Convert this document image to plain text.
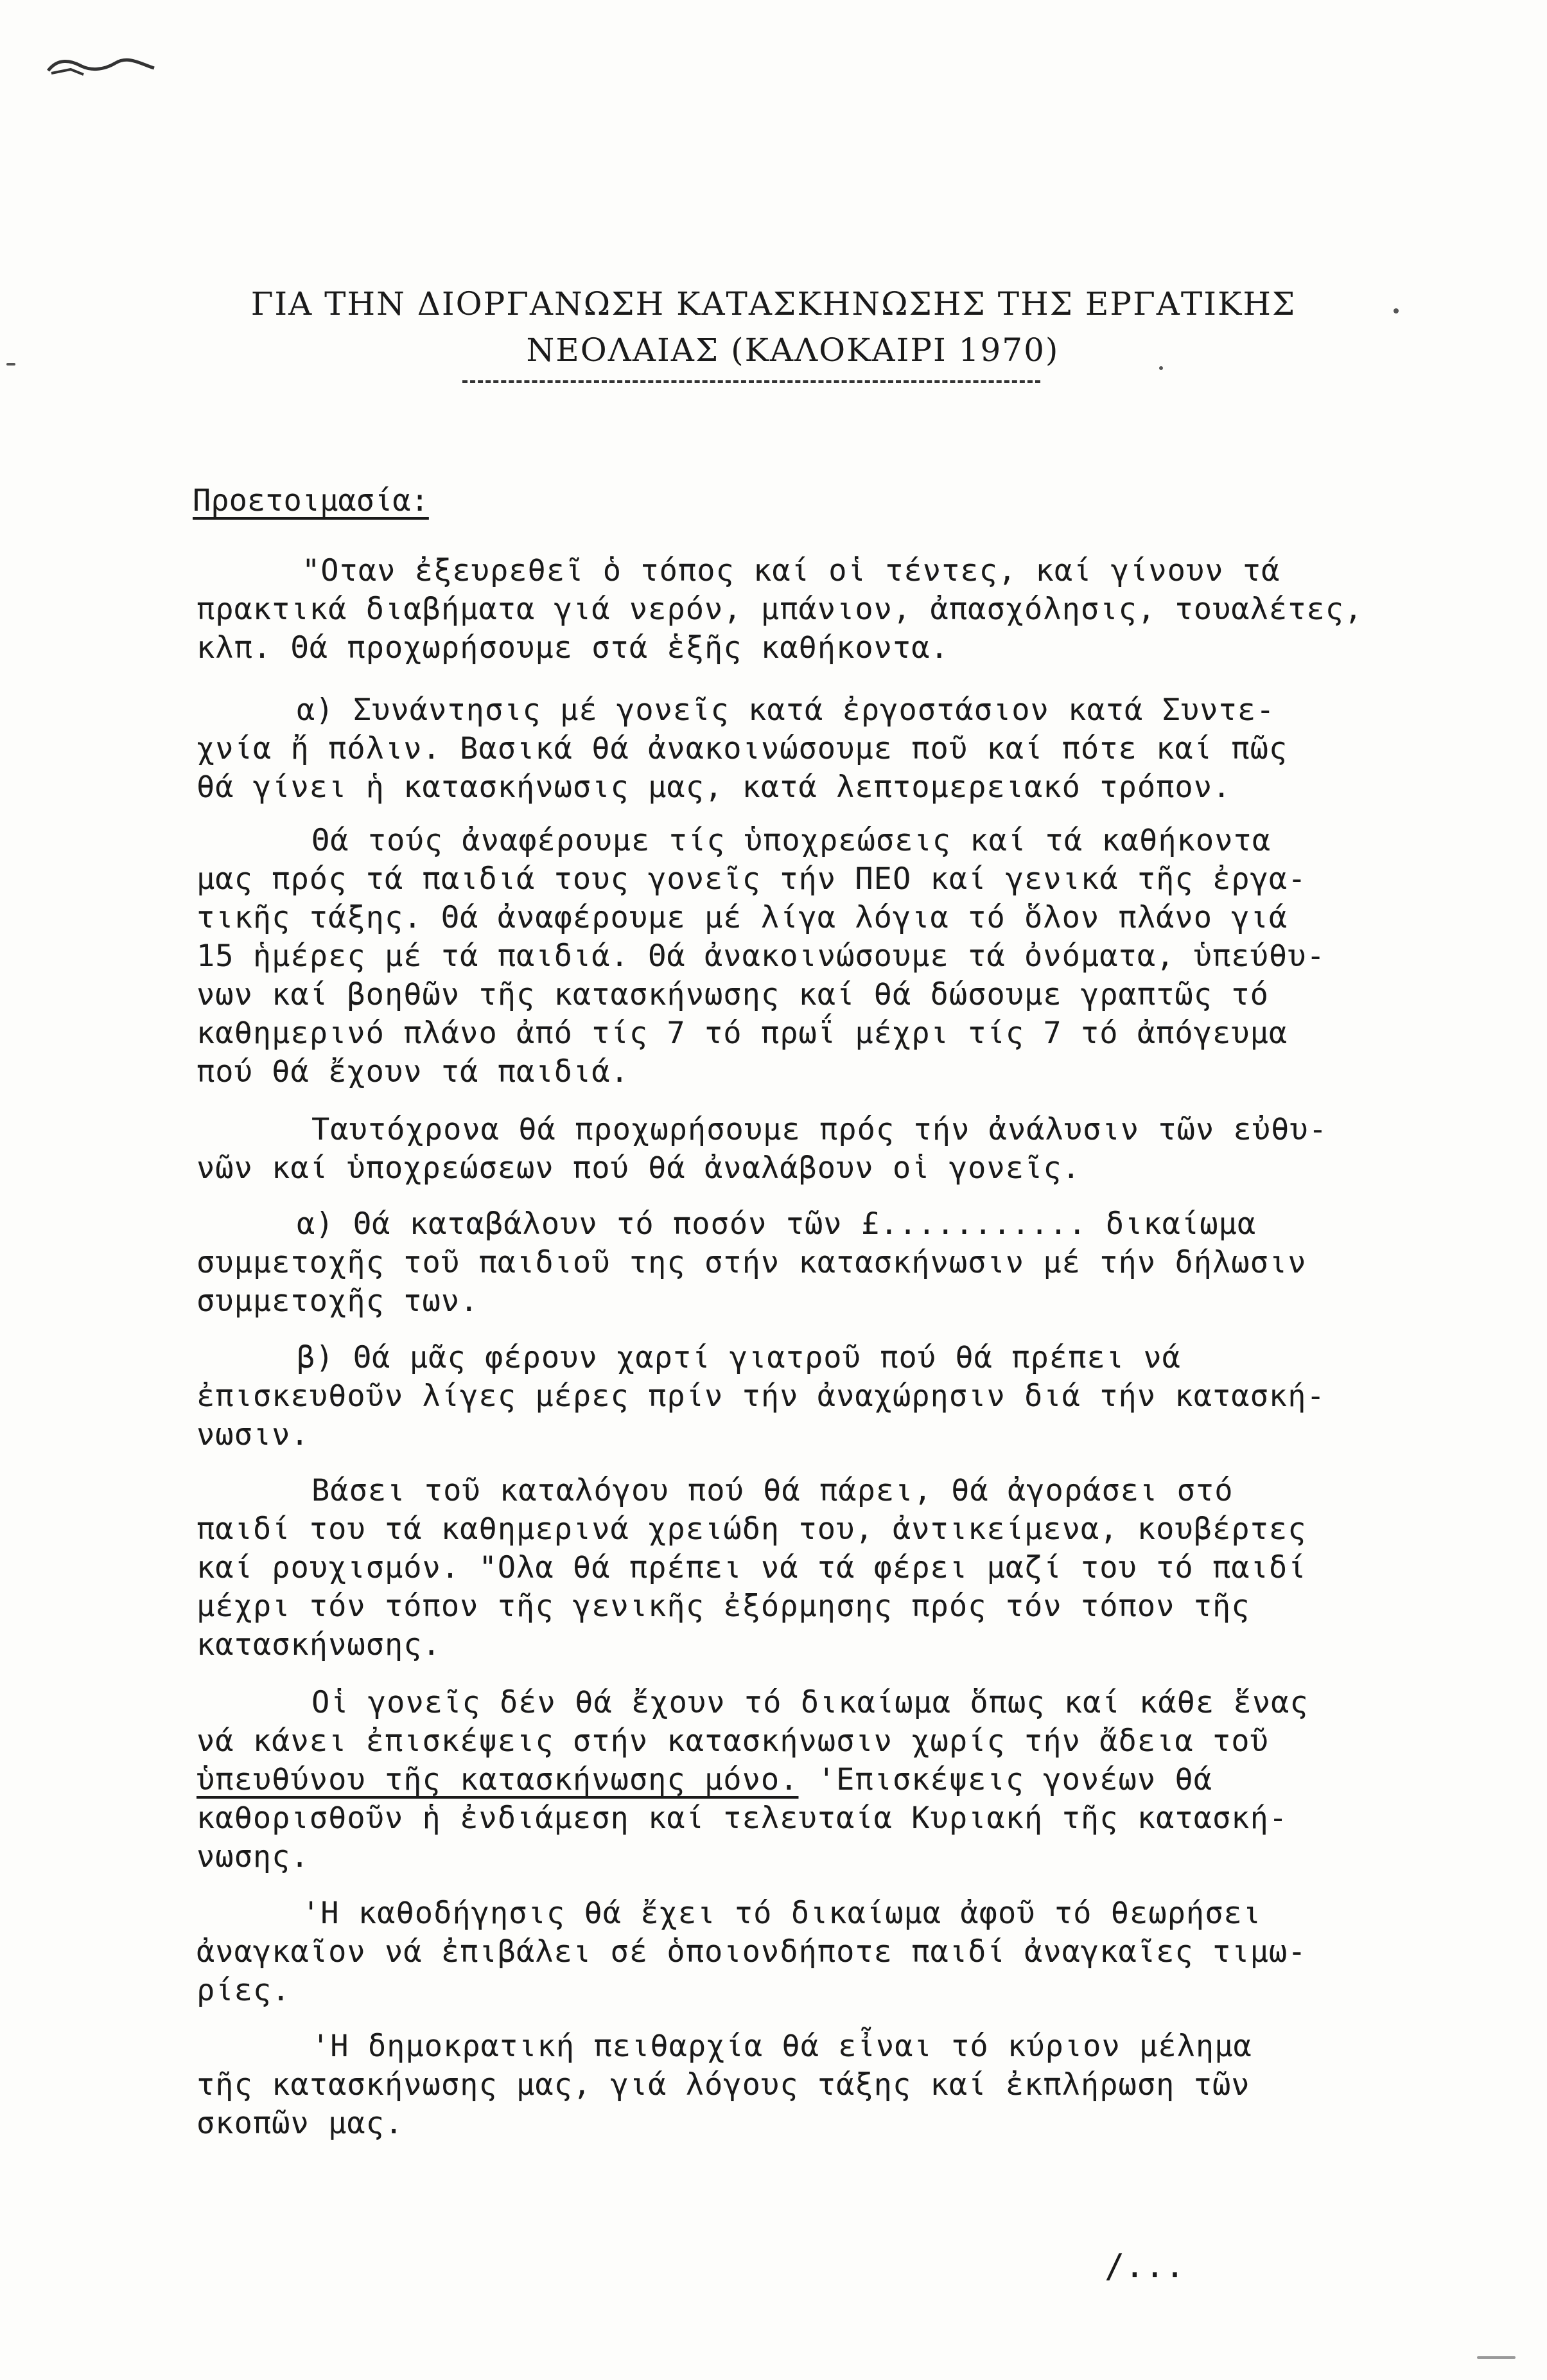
ΓΙΑ ΤΗΝ ΔΙΟΡΓΑΝΩΣΗ ΚΑΤΑΣΚΗΝΩΣΗΣ ΤΗΣ ΕΡΓΑΤΙΚΗΣ
ΝΕΟΛΑΙΑΣ (ΚΑΛΟΚΑΙΡΙ 1970)
Προετοιμασία:
"Οταν ἐξευρεθεῖ ὁ τόπος καί οἱ τέντες, καί γίνουν τά
πρακτικά διαβήματα γιά νερόν, μπάνιον, ἀπασχόλησις, τουαλέτες,
κλπ. Θά προχωρήσουμε στά ἑξῆς καθήκοντα.
α) Συνάντησις μέ γονεῖς κατά ἐργοστάσιον κατά Συντε-
χνία ἤ πόλιν. Βασικά θά ἀνακοινώσουμε ποῦ καί πότε καί πῶς
θά γίνει ἡ κατασκήνωσις μας, κατά λεπτομερειακό τρόπον.
Θά τούς ἀναφέρουμε τίς ὑποχρεώσεις καί τά καθήκοντα
μας πρός τά παιδιά τους γονεῖς τήν ΠΕΟ καί γενικά τῆς ἐργα-
τικῆς τάξης. Θά ἀναφέρουμε μέ λίγα λόγια τό ὅλον πλάνο γιά
15 ἡμέρες μέ τά παιδιά. Θά ἀνακοινώσουμε τά ὀνόματα, ὑπεύθυ-
νων καί βοηθῶν τῆς κατασκήνωσης καί θά δώσουμε γραπτῶς τό
καθημερινό πλάνο ἀπό τίς 7 τό πρωΐ μέχρι τίς 7 τό ἀπόγευμα
πού θά ἔχουν τά παιδιά.
Ταυτόχρονα θά προχωρήσουμε πρός τήν ἀνάλυσιν τῶν εὐθυ-
νῶν καί ὑποχρεώσεων πού θά ἀναλάβουν οἱ γονεῖς.
α) Θά καταβάλουν τό ποσόν τῶν £........... δικαίωμα
συμμετοχῆς τοῦ παιδιοῦ της στήν κατασκήνωσιν μέ τήν δήλωσιν
συμμετοχῆς των.
β) Θά μᾶς φέρουν χαρτί γιατροῦ πού θά πρέπει νά
ἐπισκευθοῦν λίγες μέρες πρίν τήν ἀναχώρησιν διά τήν κατασκή-
νωσιν.
Βάσει τοῦ καταλόγου πού θά πάρει, θά ἀγοράσει στό
παιδί του τά καθημερινά χρειώδη του, ἀντικείμενα, κουβέρτες
καί ρουχισμόν. "Ολα θά πρέπει νά τά φέρει μαζί του τό παιδί
μέχρι τόν τόπον τῆς γενικῆς ἐξόρμησης πρός τόν τόπον τῆς
κατασκήνωσης.
Οἱ γονεῖς δέν θά ἔχουν τό δικαίωμα ὅπως καί κάθε ἕνας
νά κάνει ἐπισκέψεις στήν κατασκήνωσιν χωρίς τήν ἄδεια τοῦ
ὑπευθύνου τῆς κατασκήνωσης μόνο. 'Επισκέψεις γονέων θά
καθορισθοῦν ἡ ἐνδιάμεση καί τελευταία Κυριακή τῆς κατασκή-
νωσης.
'Η καθοδήγησις θά ἔχει τό δικαίωμα ἀφοῦ τό θεωρήσει
ἀναγκαῖον νά ἐπιβάλει σέ ὁποιονδήποτε παιδί ἀναγκαῖες τιμω-
ρίες.
'Η δημοκρατική πειθαρχία θά εἶναι τό κύριον μέλημα
τῆς κατασκήνωσης μας, γιά λόγους τάξης καί ἐκπλήρωση τῶν
σκοπῶν μας.
/...
